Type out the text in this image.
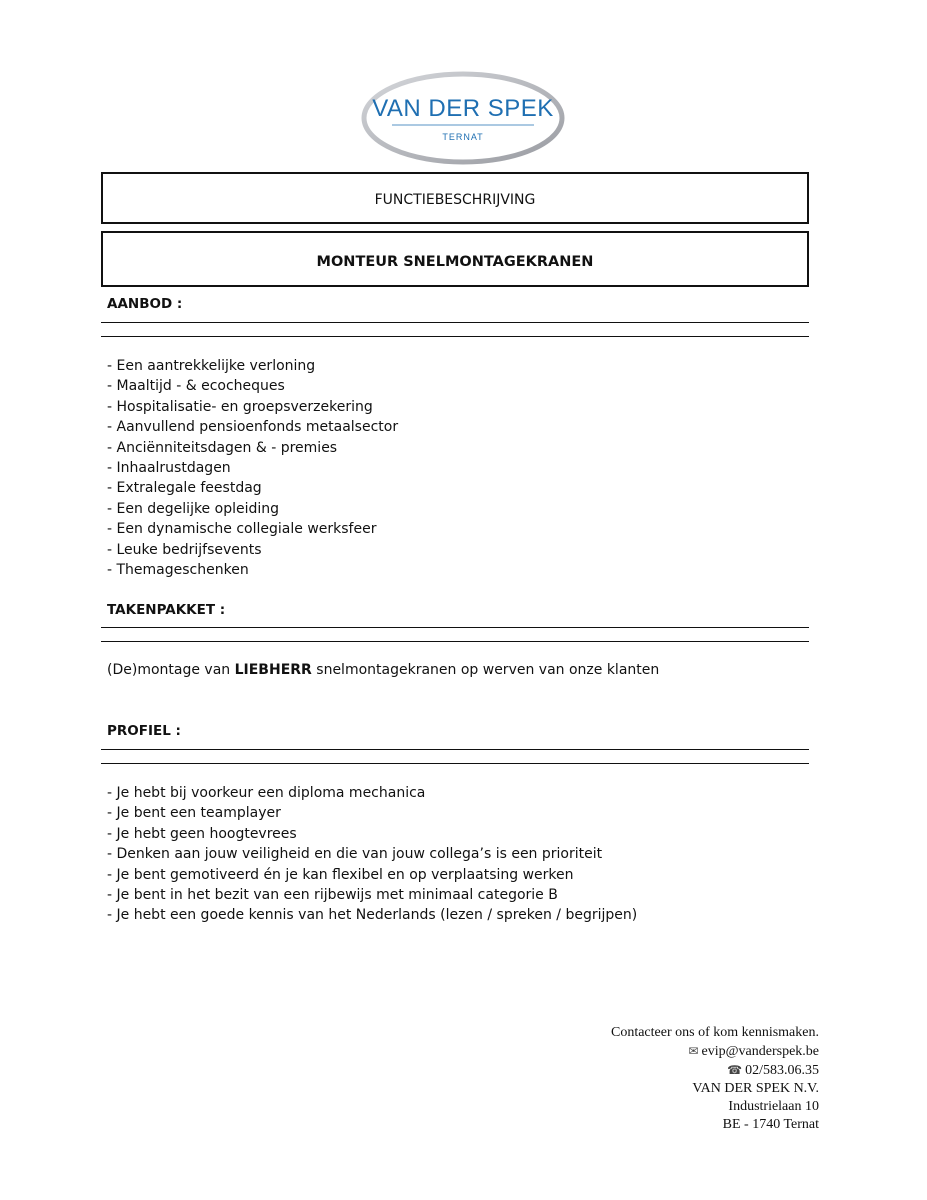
VAN DER SPEK
TERNAT
FUNCTIEBESCHRIJVING
MONTEUR SNELMONTAGEKRANEN
AANBOD :
- Een aantrekkelijke verloning
- Maaltijd - & ecocheques
- Hospitalisatie- en groepsverzekering
- Aanvullend pensioenfonds metaalsector
- Anciënniteitsdagen & - premies
- Inhaalrustdagen
- Extralegale feestdag
- Een degelijke opleiding
- Een dynamische collegiale werksfeer
- Leuke bedrijfsevents
- Themageschenken
TAKENPAKKET :
(De)montage van LIEBHERR snelmontagekranen op werven van onze klanten
PROFIEL :
- Je hebt bij voorkeur een diploma mechanica
- Je bent een teamplayer
- Je hebt geen hoogtevrees
- Denken aan jouw veiligheid en die van jouw collega’s is een prioriteit
- Je bent gemotiveerd én je kan flexibel en op verplaatsing werken
- Je bent in het bezit van een rijbewijs met minimaal categorie B
- Je hebt een goede kennis van het Nederlands (lezen / spreken / begrijpen)
Contacteer ons of kom kennismaken.
✉ evip@vanderspek.be
☎ 02/583.06.35
VAN DER SPEK N.V.
Industrielaan 10
BE - 1740 Ternat
